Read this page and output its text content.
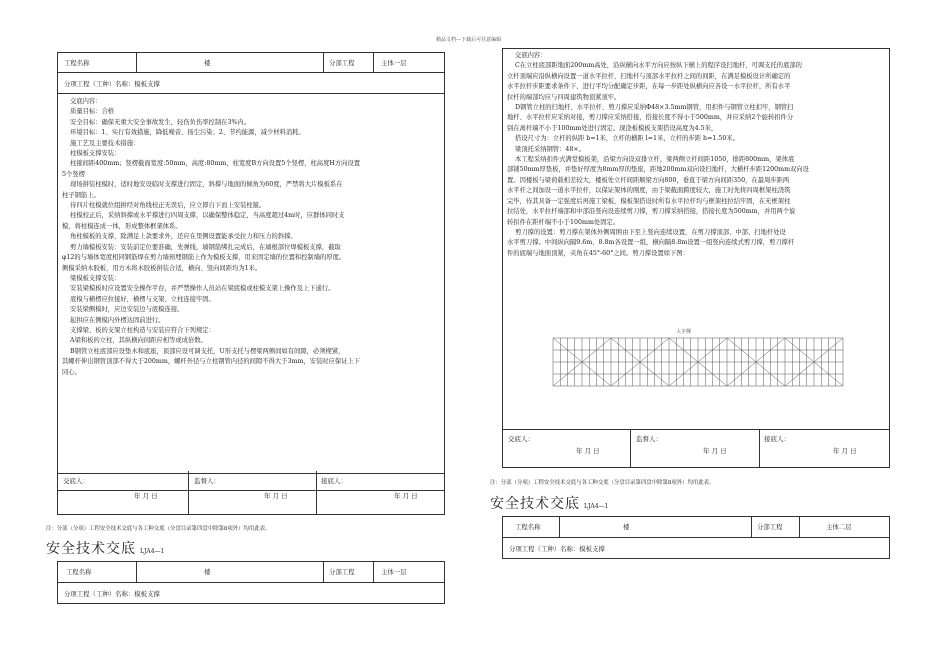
精品文档---下载后可任意编辑
工程名称	楼	分部工程	主体一层
分项工程（工种）名称：模板支撑

交底内容：

质量目标：合格

安全目标：确保无重大安全事故发生，轻伤负伤率控制在3%内。

环境目标：1、实行有效措施，降低噪音、扬尘污染；2、节约能源，减少材料消耗。

施工艺及主要技术措施：

柱模板支撑安装：

柱箍间距400mm；竖楞截面宽度:50mm，高度:80mm，柱宽度B方向设置5个竖楞，柱高度H方向设置

5个竖楞

现场拼装柱模时，适时地安设临时支撑进行固定，斜撑与地面的倾角为60度，严禁将大片模板系在

柱子钢筋上。

待四片柱模就位组拼经对角线校正无误后，应立即自下而上安装柱箍。

柱模校正后，采纳斜撑或水平撑进行四周支撑，以确保整体稳定，当高度超过4m时，应群体同时支

模，将柱模连成一体，形成整体框架体系。

角柱模板的支撑，除满足上款要求外，还应在里侧设置能承受拉力和压力的斜撑。

剪力墙模板安装：安装前定位要准确，先弹线，墙钢筋绑扎完成后，在墙根部位焊模板支撑，截取

φ12的与墙体宽度相同钢筋焊在剪力墙预埋钢筋上作为模板支撑，用来固定墙的位置和控制墙的厚度。

侧模采纳木胶板，用方木将木胶板拼装合适，横向、竖向间距均为1米。

梁模板支撑安装：

安装梁模板时应设置安全操作平台，并严禁操作人员站在梁底模或柱模支架上操作及上下通行。

底模与横楞应拉接好，横楞与支架、立柱连接牢固。

安装梁侧模时，应边安装边与底模连接。

起拱应在侧模内外楞达固前进行。

支撑梁、板的支架立柱构造与安装应符合下列规定：

A梁和板的立柱，其纵横向间距应相等或成倍数。

B钢管立柱底部应设垫木和底座，顶部应设可调支托，U形支托与楞梁两侧间如有间隙，必须楔紧，

其螺杆伸出钢管顶部不得大于200mm，螺杆外径与立柱钢管内径的间隙不得大于3mm，安装时应保证上下

同心。

交底人：	监督人：	接底人：
年 月 日	年 月 日	年 月 日
注：分部（分项）工程安全技术交底与各工种交底（分盘目录第四盘中除第8项外）均用此表。
安全技术交底 LJA4—1
工程名称	楼	分部工程	主体一层
分项工程（工种）名称：模板支撑

交底内容：

C在立柱底部距地面200mm高处，沿纵横向水平方向应按纵下横上的程序设扫地杆，可调支托的底部的

立杆顶端应沿纵横向设置一道水平拉杆，扫地杆与顶部水平拉杆之间的间距，在满足模板设计所确定的

水平拉杆步距要求条件下，进行平均分配确定步距，在每一步距处纵横向应各设一水平拉杆，所有水平

拉杆的端部均应与四周建筑物顶紧顶牢。

D钢管立柱的扫地杆、水平拉杆、剪刀撑应采纳Φ48×3.5mm钢管，用扣件与钢管立柱扣牢，钢管扫

地杆、水平拉杆应采纳对接，剪刀撑应采纳搭接，搭接长度不得小于500mm，并应采纳2个旋转扣件分

别在离杆端不小于100mm处进行固定。现浇板模板支架搭设高度为4.5米，

搭设尺寸为：立杆的纵距 b=1米，立杆的横距 l=1米，立杆的步距 h=1.50米。

梁顶托采纳钢管：48×。

本工程采纳扣件式满堂模板架，沿梁方向设双排立杆，梁两侧立杆间距1050，排距800mm，架体底

部铺50mm厚垫板，并垫好厚度为8mm厚的垫座，距地200mm双向设扫地杆，大横杆步距1200mm双向设

置。因楼板与梁荷载相差较大，楼板处立杆间距顺梁方向800，垂直于梁方向间距350，在最周步距两

水平杆之间加设一道水平拉杆，以保证架体的刚度，由于梁截面跨度较大，施工时先将四周框架柱浇筑

完毕，待其具备一定强度后再施工梁板，模板架搭设时所有水平拉杆均与框架柱拉结牢固，在无框架柱

拉结处，水平拉杆端部和中部沿竖向设连续剪刀撑，剪刀撑采纳搭接，搭接长度为500mm，并用两个旋

转扣件在距杆端不小于100mm处固定。

剪刀撑的设置：剪刀撑在架体外侧周围由下至上竖向连续设置，在剪刀撑顶部、中部、扫地杆处设

水平剪刀撑。中间纵向隔9.6m、8.8m各设置一组，横向隔8.8m设置一组竖向连续式剪刀撑，剪刀撑杆

件的底端与地面顶紧，夹角在45°-60°之间。剪刀撑设置如下图：

人字撑
交底人：	监督人：	接底人：
年 月 日	年 月 日	年 月 日
注：分部（分项）工程安全技术交底与各工种交底（分盘目录第四盘中除第8项外）均用此表。
安全技术交底 LJA4—1
工程名称	楼	分部工程	主体二层
分项工程（工种）名称：模板支撑
